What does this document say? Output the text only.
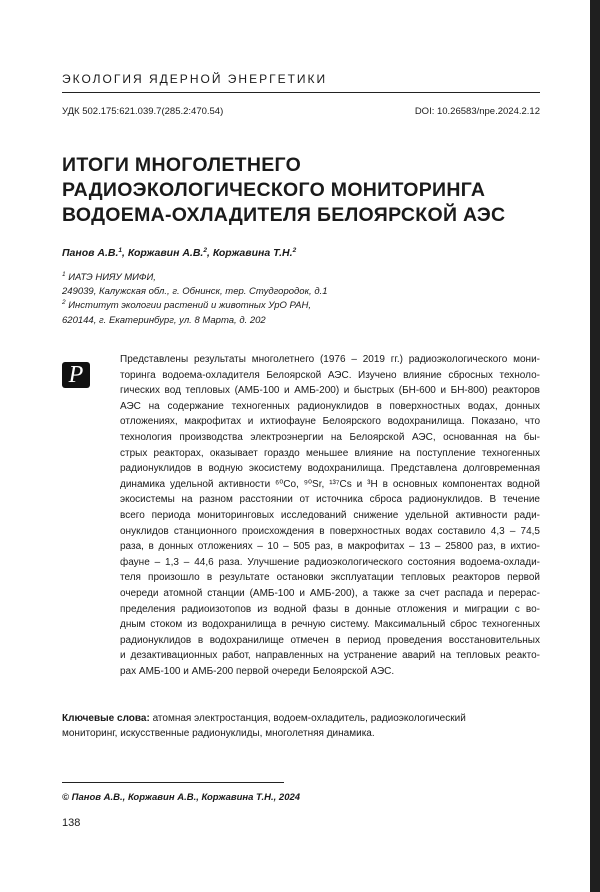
ЭКОЛОГИЯ ЯДЕРНОЙ ЭНЕРГЕТИКИ
УДК 502.175:621.039.7(285.2:470.54)	DOI: 10.26583/npe.2024.2.12
ИТОГИ МНОГОЛЕТНЕГО
РАДИОЭКОЛОГИЧЕСКОГО МОНИТОРИНГА
ВОДОЕМА-ОХЛАДИТЕЛЯ БЕЛОЯРСКОЙ АЭС
Панов А.В.$^1$, Коржавин А.В.$^2$, Коржавина Т.Н.$^2$
$^1$ ИАТЭ НИЯУ МИФИ,
249039, Калужская обл., г. Обнинск, тер. Студгородок, д.1
$^2$ Институт экологии растений и животных УрО РАН,
620144, г. Екатеринбург, ул. 8 Марта, д. 202
P
Представлены результаты многолетнего (1976 – 2019 гг.) радиоэкологического мони-
торинга водоема-охладителя Белоярской АЭС. Изучено влияние сбросных техноло-
гических вод тепловых (АМБ-100 и АМБ-200) и быстрых (БН-600 и БН-800) реакторов
АЭС на содержание техногенных радионуклидов в поверхностных водах, донных
отложениях, макрофитах и ихтиофауне Белоярского водохранилища. Показано, что
технология производства электроэнергии на Белоярской АЭС, основанная на бы-
стрых реакторах, оказывает гораздо меньшее влияние на поступление техногенных
радионуклидов в водную экосистему водохранилища. Представлена долговременная
динамика удельной активности ⁶⁰Co, ⁹⁰Sr, ¹³⁷Cs и ³H в основных компонентах водной
экосистемы на разном расстоянии от источника сброса радионуклидов. В течение
всего периода мониторинговых исследований снижение удельной активности ради-
онуклидов станционного происхождения в поверхностных водах составило 4,3 – 74,5
раза, в донных отложениях – 10 – 505 раз, в макрофитах – 13 – 25800 раз, в ихтио-
фауне – 1,3 – 44,6 раза. Улучшение радиоэкологического состояния водоема-охлади-
теля произошло в результате остановки эксплуатации тепловых реакторов первой
очереди атомной станции (АМБ-100 и АМБ-200), а также за счет распада и перерас-
пределения радиоизотопов из водной фазы в донные отложения и миграции с во-
дным стоком из водохранилища в речную систему. Максимальный сброс техногенных
радионуклидов в водохранилище отмечен в период проведения восстановительных
и дезактивационных работ, направленных на устранение аварий на тепловых реакто-
рах АМБ-100 и АМБ-200 первой очереди Белоярской АЭС.
Ключевые слова: атомная электростанция, водоем-охладитель, радиоэкологический
мониторинг, искусственные радионуклиды, многолетняя динамика.
© Панов А.В., Коржавин А.В., Коржавина Т.Н., 2024
138
